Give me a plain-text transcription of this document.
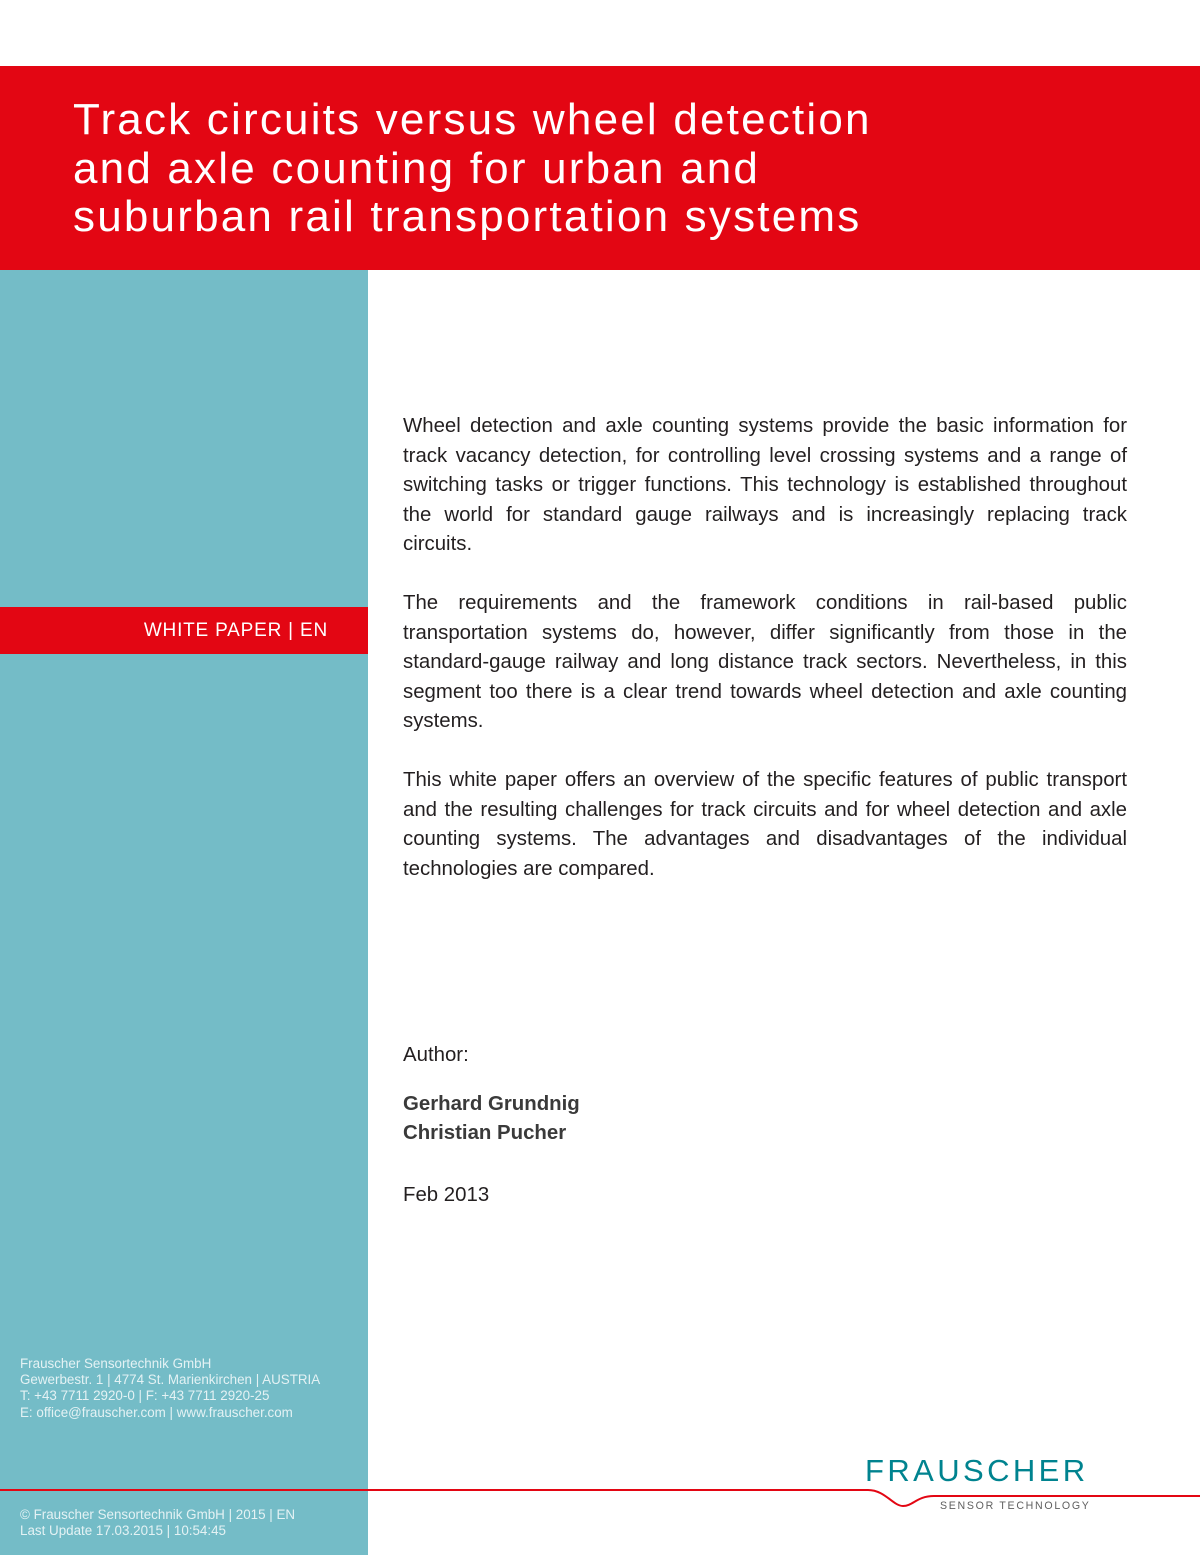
Track circuits versus wheel detection
and axle counting for urban and
suburban rail transportation systems
WHITE PAPER | EN
Frauscher Sensortechnik GmbH
Gewerbestr. 1 | 4774 St. Marienkirchen | AUSTRIA
T: +43 7711 2920-0 | F: +43 7711 2920-25
E: office@frauscher.com | www.frauscher.com
© Frauscher Sensortechnik GmbH | 2015 | EN
Last Update 17.03.2015 | 10:54:45

Wheel detection and axle counting systems provide the basic information for track vacancy detection, for controlling level crossing systems and a range of switching tasks or trigger functions. This technology is established throughout the world for standard gauge railways and is increasingly replacing track circuits.

The requirements and the framework conditions in rail-based public transportation systems do, however, differ significantly from those in the standard-gauge railway and long distance track sectors. Nevertheless, in this segment too there is a clear trend towards wheel detection and axle counting systems.

This white paper offers an overview of the specific features of public transport and the resulting challenges for track circuits and for wheel detection and axle counting systems. The advantages and disadvantages of the individual technologies are compared.

Author:
Gerhard Grundnig
Christian Pucher
Feb 2013
FRAUSCHER
SENSOR TECHNOLOGY
